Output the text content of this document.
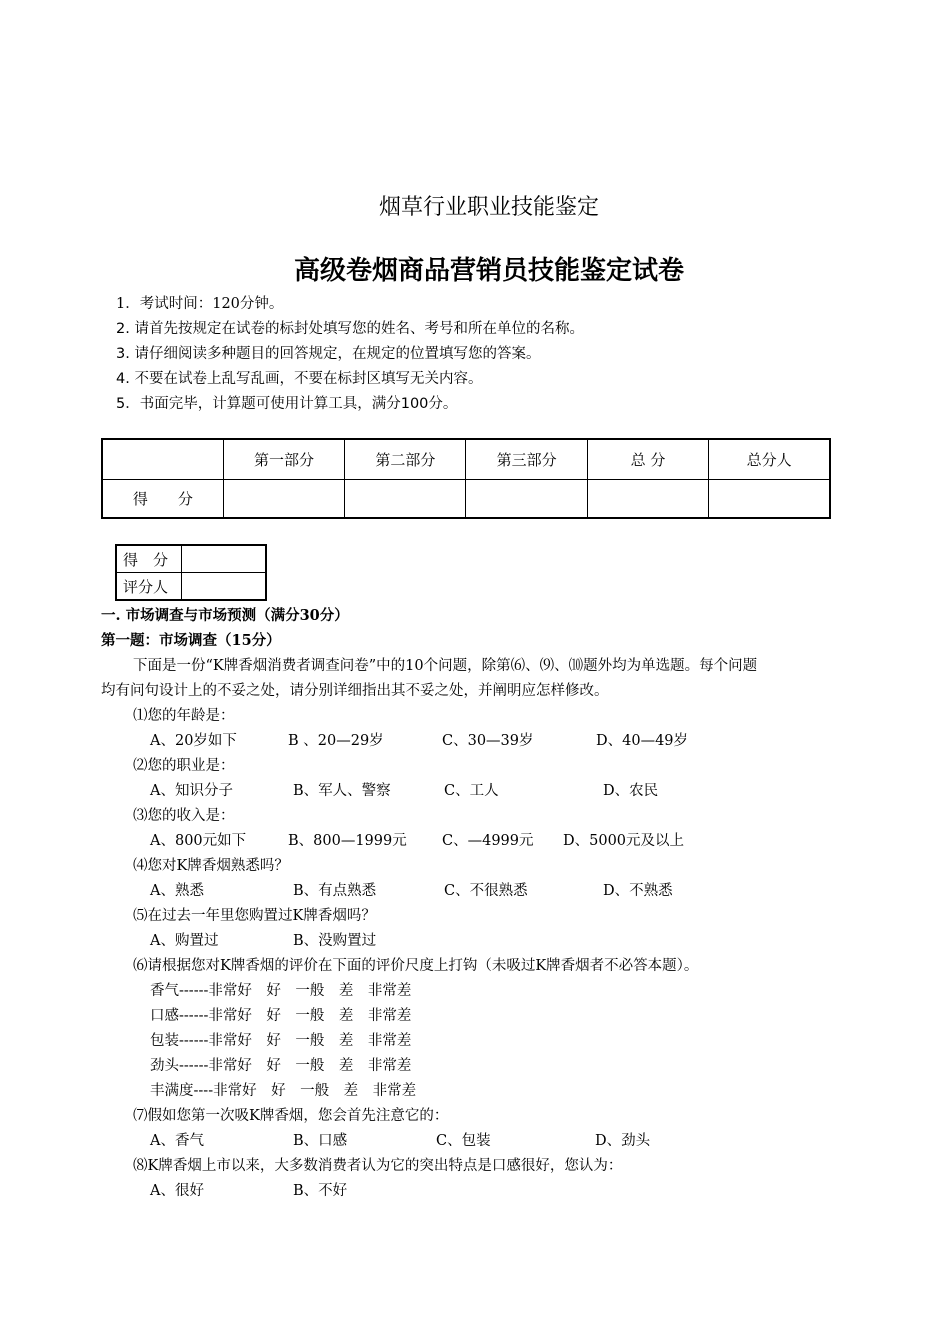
烟草行业职业技能鉴定
高级卷烟商品营销员技能鉴定试卷
1．考试时间：120分钟。
2. 请首先按规定在试卷的标封处填写您的姓名、考号和所在单位的名称。
3. 请仔细阅读多种题目的回答规定，在规定的位置填写您的答案。
4. 不要在试卷上乱写乱画，不要在标封区填写无关内容。
5．书面完毕，计算题可使用计算工具，满分100分。
	第一部分	第二部分	第三部分	总 分	总分人
得　　分					
得　分	
评分人	
一. 市场调查与市场预测（满分30分）
第一题：市场调查（15分）
下面是一份“K牌香烟消费者调查问卷”中的10个问题，除第⑹、⑼、⑽题外均为单选题。每个问题
均有问句设计上的不妥之处，请分别详细指出其不妥之处，并阐明应怎样修改。
⑴您的年龄是：
A、20岁如下	B 、20—29岁	C、30—39岁	D、40—49岁
⑵您的职业是：
A、知识分子	B、军人、警察	C、工人	D、农民
⑶您的收入是：
A、800元如下	B、800—1999元 C、—4999元 D、5000元及以上
⑷您对K牌香烟熟悉吗？
A、熟悉	B、有点熟悉	C、不很熟悉	D、不熟悉
⑸在过去一年里您购置过K牌香烟吗？
A、购置过	B、没购置过
⑹请根据您对K牌香烟的评价在下面的评价尺度上打钩（未吸过K牌香烟者不必答本题）。
香气------非常好　好　一般　差　非常差
口感------非常好　好　一般　差　非常差
包装------非常好　好　一般　差　非常差
劲头------非常好　好　一般　差　非常差
丰满度----非常好　好　一般　差　非常差
⑺假如您第一次吸K牌香烟，您会首先注意它的：
A、香气	B、口感	C、包装	D、劲头
⑻K牌香烟上市以来，大多数消费者认为它的突出特点是口感很好，您认为：
A、很好	B、不好
